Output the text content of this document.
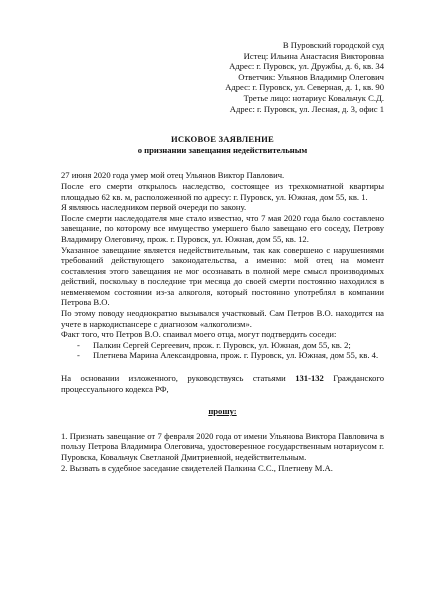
В Пуровский городской суд
Истец: Ильина Анастасия Викторовна
Адрес: г. Пуровск, ул. Дружбы, д. 6, кв. 34
Ответчик: Ульянов Владимир Олегович
Адрес: г. Пуровск, ул. Северная, д. 1, кв. 90
Третье лицо: нотариус Ковальчук С.Д.
Адрес: г. Пуровск, ул. Лесная, д. 3, офис 1
ИСКОВОЕ ЗАЯВЛЕНИЕ
о признании завещания недействительным

27 июня 2020 года умер мой отец Ульянов Виктор Павлович.

После его смерти открылось наследство, состоящее из трехкомнатной квартиры площадью 62 кв. м, расположенной по адресу: г. Пуровск, ул. Южная, дом 55, кв. 1.

Я являюсь наследником первой очереди по закону.

После смерти наследодателя мне стало известно, что 7 мая 2020 года было составлено завещание, по которому все имущество умершего было завещано его соседу, Петрову Владимиру Олеговичу, прож. г. Пуровск, ул. Южная, дом 55, кв. 12.

Указанное завещание является недействительным, так как совершено с нарушениями требований действующего законодательства, а именно: мой отец на момент составления этого завещания не мог осознавать в полной мере смысл производимых действий, поскольку в последние три месяца до своей смерти постоянно находился в невменяемом состоянии из-за алкоголя, который постоянно употреблял в компании Петрова В.О.

По этому поводу неоднократно вызывался участковый. Сам Петров В.О. находится на учете в наркодиспансере с диагнозом «алкоголизм».

Факт того, что Петров В.О. спаивал моего отца, могут подтвердить соседи:

- Палкин Сергей Сергеевич, прож. г. Пуровск, ул. Южная, дом 55, кв. 2;
- Плетнева Марина Александровна, прож. г. Пуровск, ул. Южная, дом 55, кв. 4.

На основании изложенного, руководствуясь статьями 131-132 Гражданского процессуального кодекса РФ,

прошу:
1. Признать завещание от 7 февраля 2020 года от имени Ульянова Виктора Павловича в пользу Петрова Владимира Олеговича, удостоверенное государственным нотариусом г. Пуровска, Ковальчук Светланой Дмитриевной, недействительным.
2. Вызвать в судебное заседание свидетелей Палкина С.С., Плетневу М.А.
